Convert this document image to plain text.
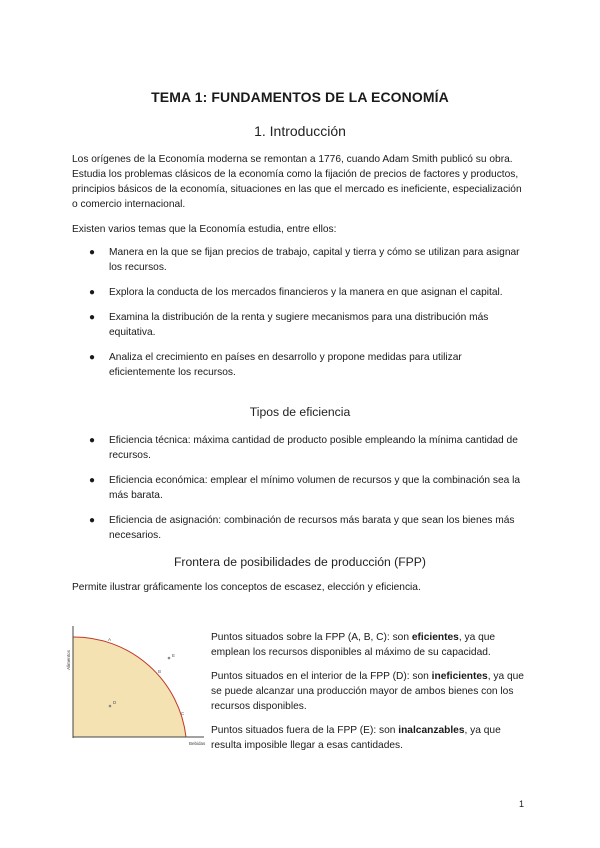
TEMA 1: FUNDAMENTOS DE LA ECONOMÍA
1. Introducción
Los orígenes de la Economía moderna se remontan a 1776, cuando Adam Smith publicó su obra. Estudia los problemas clásicos de la economía como la fijación de precios de factores y productos, principios básicos de la economía, situaciones en las que el mercado es ineficiente, especialización o comercio internacional.
Existen varios temas que la Economía estudia, entre ellos:
● Manera en la que se fijan precios de trabajo, capital y tierra y cómo se utilizan para asignar los recursos.
● Explora la conducta de los mercados financieros y la manera en que asignan el capital.
● Examina la distribución de la renta y sugiere mecanismos para una distribución más equitativa.
● Analiza el crecimiento en países en desarrollo y propone medidas para utilizar eficientemente los recursos.
Tipos de eficiencia
● Eficiencia técnica: máxima cantidad de producto posible empleando la mínima cantidad de recursos.
● Eficiencia económica: emplear el mínimo volumen de recursos y que la combinación sea la más barata.
● Eficiencia de asignación: combinación de recursos más barata y que sean los bienes más necesarios.
Frontera de posibilidades de producción (FPP)
Permite ilustrar gráficamente los conceptos de escasez, elección y eficiencia.
Alimentos
Bebidas
A
B
C
D
E

Puntos situados sobre la FPP (A, B, C): son eficientes, ya que emplean los recursos disponibles al máximo de su capacidad.

Puntos situados en el interior de la FPP (D): son ineficientes, ya que se puede alcanzar una producción mayor de ambos bienes con los recursos disponibles.

Puntos situados fuera de la FPP (E): son inalcanzables, ya que resulta imposible llegar a esas cantidades.

1
